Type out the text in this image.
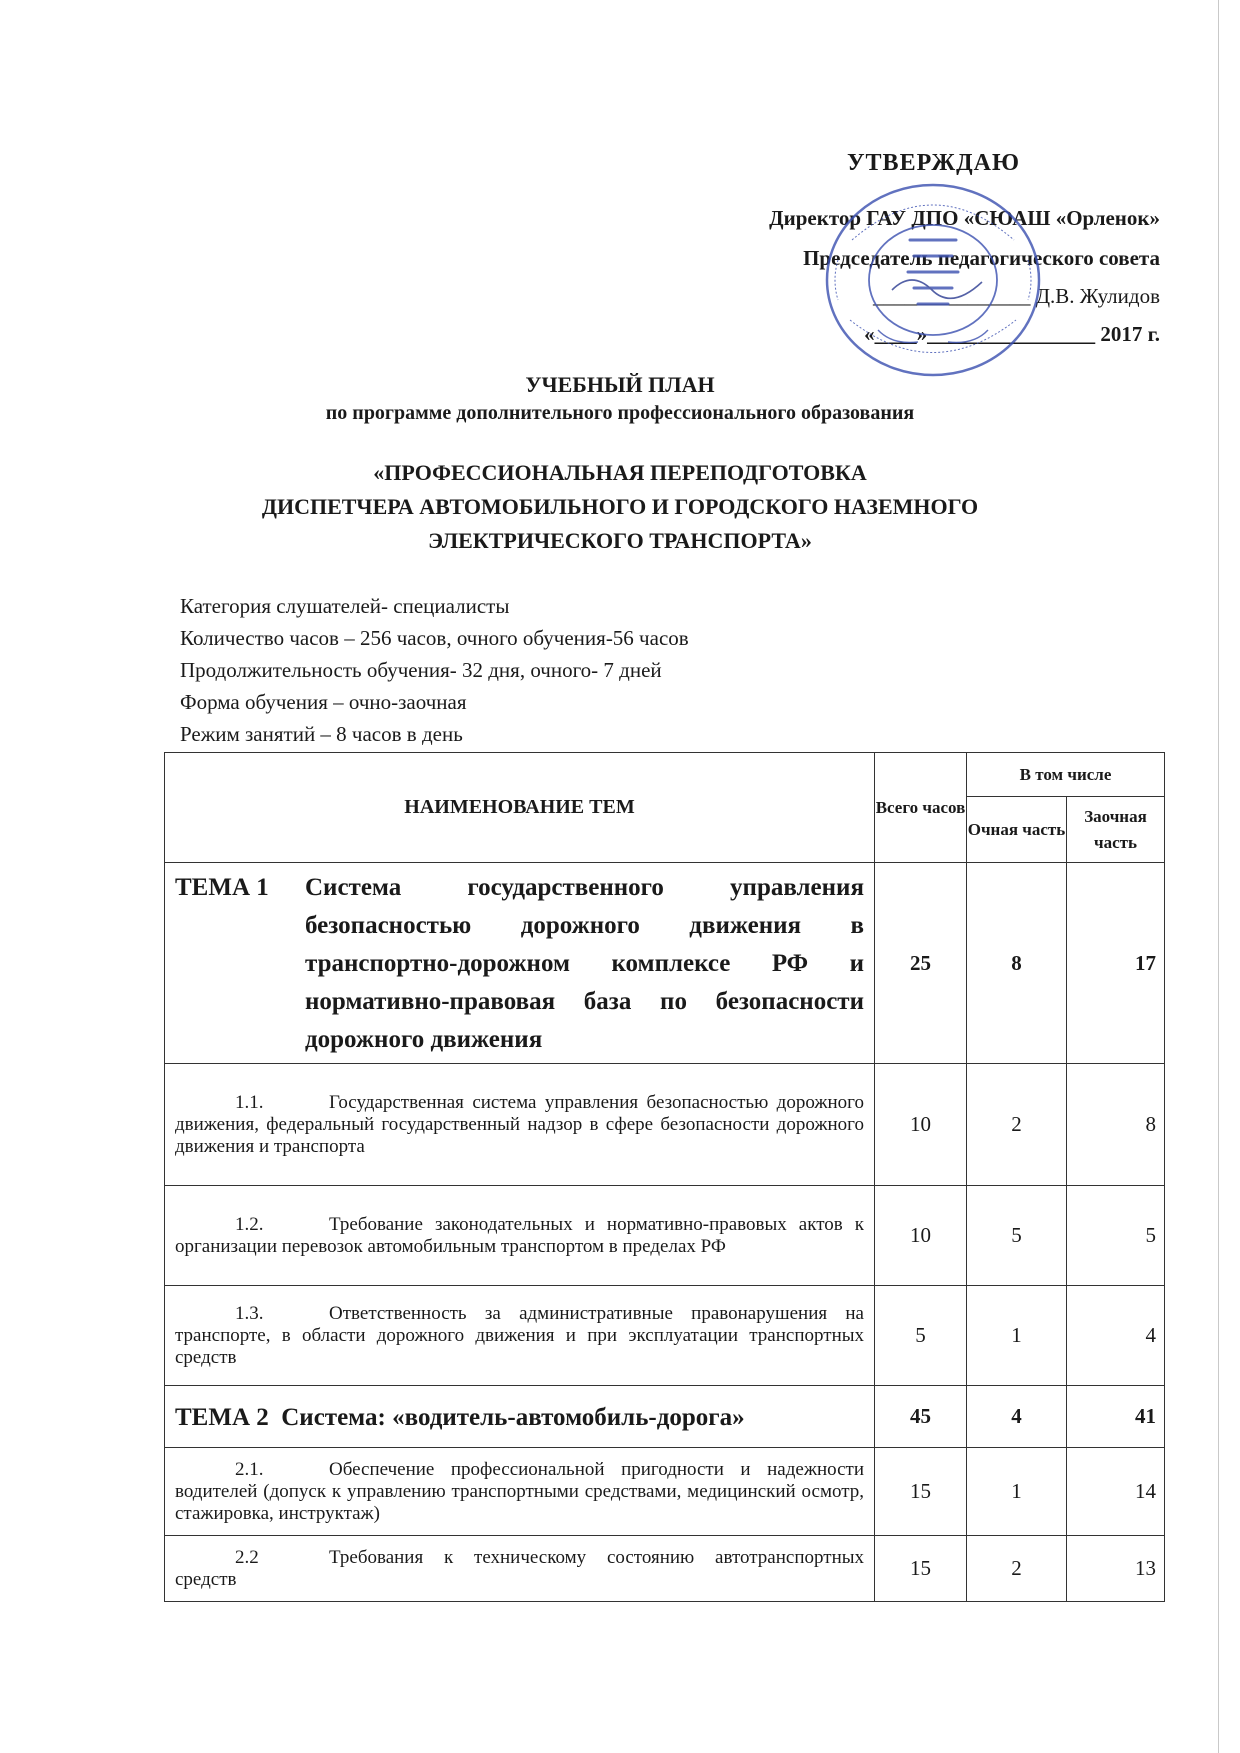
УТВЕРЖДАЮ
Директор ГАУ ДПО «СЮАШ «Орленок»
Председатель педагогического совета
_______________ Д.В. Жулидов
«____»________________ 2017 г.
УЧЕБНЫЙ ПЛАН
по программе дополнительного профессионального образования
«ПРОФЕССИОНАЛЬНАЯ ПЕРЕПОДГОТОВКА
ДИСПЕТЧЕРА АВТОМОБИЛЬНОГО И ГОРОДСКОГО НАЗЕМНОГО
ЭЛЕКТРИЧЕСКОГО ТРАНСПОРТА»
Категория слушателей- специалисты
Количество часов – 256 часов, очного обучения-56 часов
Продолжительность обучения- 32 дня, очного- 7 дней
Форма обучения – очно-заочная
Режим занятий – 8 часов в день
НАИМЕНОВАНИЕ ТЕМ	Всего часов	В том числе	
		Очная часть	Заочная часть

ТЕМА 1 Система государственного управления безопасностью дорожного движения в транспортно-дорожном комплексе РФ и нормативно-правовая база по безопасности дорожного движения	25	8	17
1.1. Государственная система управления безопасностью дорожного движения, федеральный государственный надзор в сфере безопасности дорожного движения и транспорта	10	2	8
1.2. Требование законодательных и нормативно-правовых актов к организации перевозок автомобильным транспортом в пределах РФ	10	5	5
1.3. Ответственность за административные правонарушения на транспорте, в области дорожного движения и при эксплуатации транспортных средств	5	1	4
ТЕМА 2 Система: «водитель-автомобиль-дорога»	45	4	41
2.1. Обеспечение профессиональной пригодности и надежности водителей (допуск к управлению транспортными средствами, медицинский осмотр, стажировка, инструктаж)	15	1	14
2.2 Требования к техническому состоянию автотранспортных средств	15	2	13
